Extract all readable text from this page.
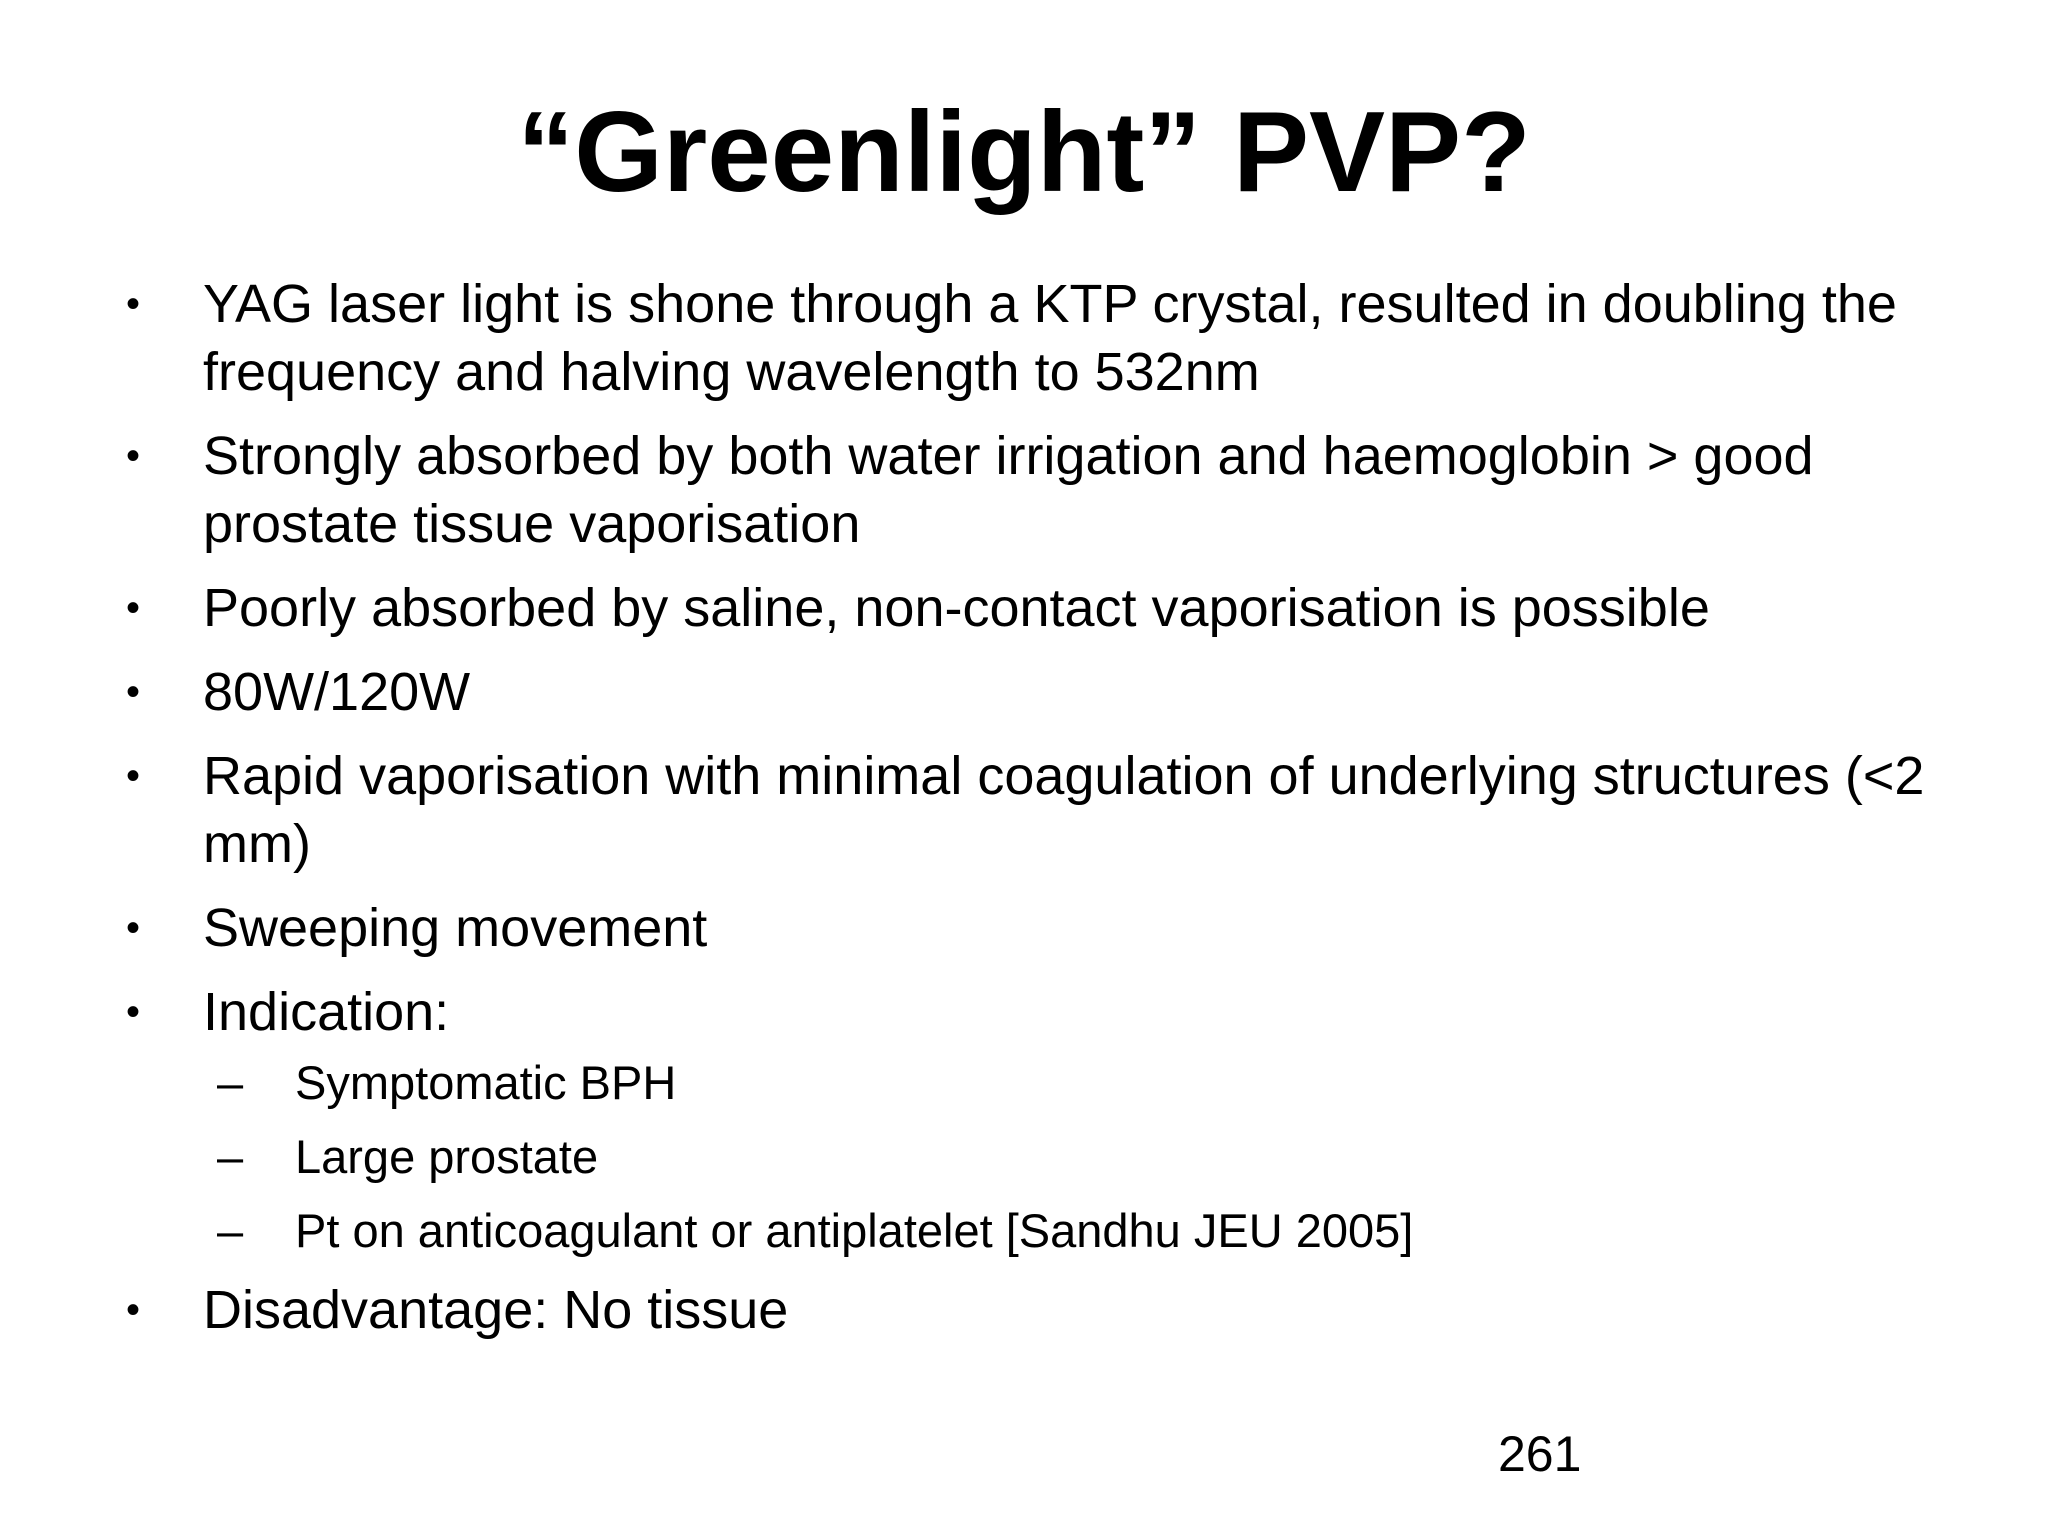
“Greenlight” PVP?
•	YAG laser light is shone through a KTP crystal, resulted in doubling the frequency and halving wavelength to 532nm
•	Strongly absorbed by both water irrigation and haemoglobin > good prostate tissue vaporisation
•	Poorly absorbed by saline, non-contact vaporisation is possible
•	80W/120W
•	Rapid vaporisation with minimal coagulation of underlying structures (<2 mm)
•	Sweeping movement
•	Indication:
–	Symptomatic BPH
–	Large prostate
–	Pt on anticoagulant or antiplatelet [Sandhu JEU 2005]
•	Disadvantage: No tissue
261
